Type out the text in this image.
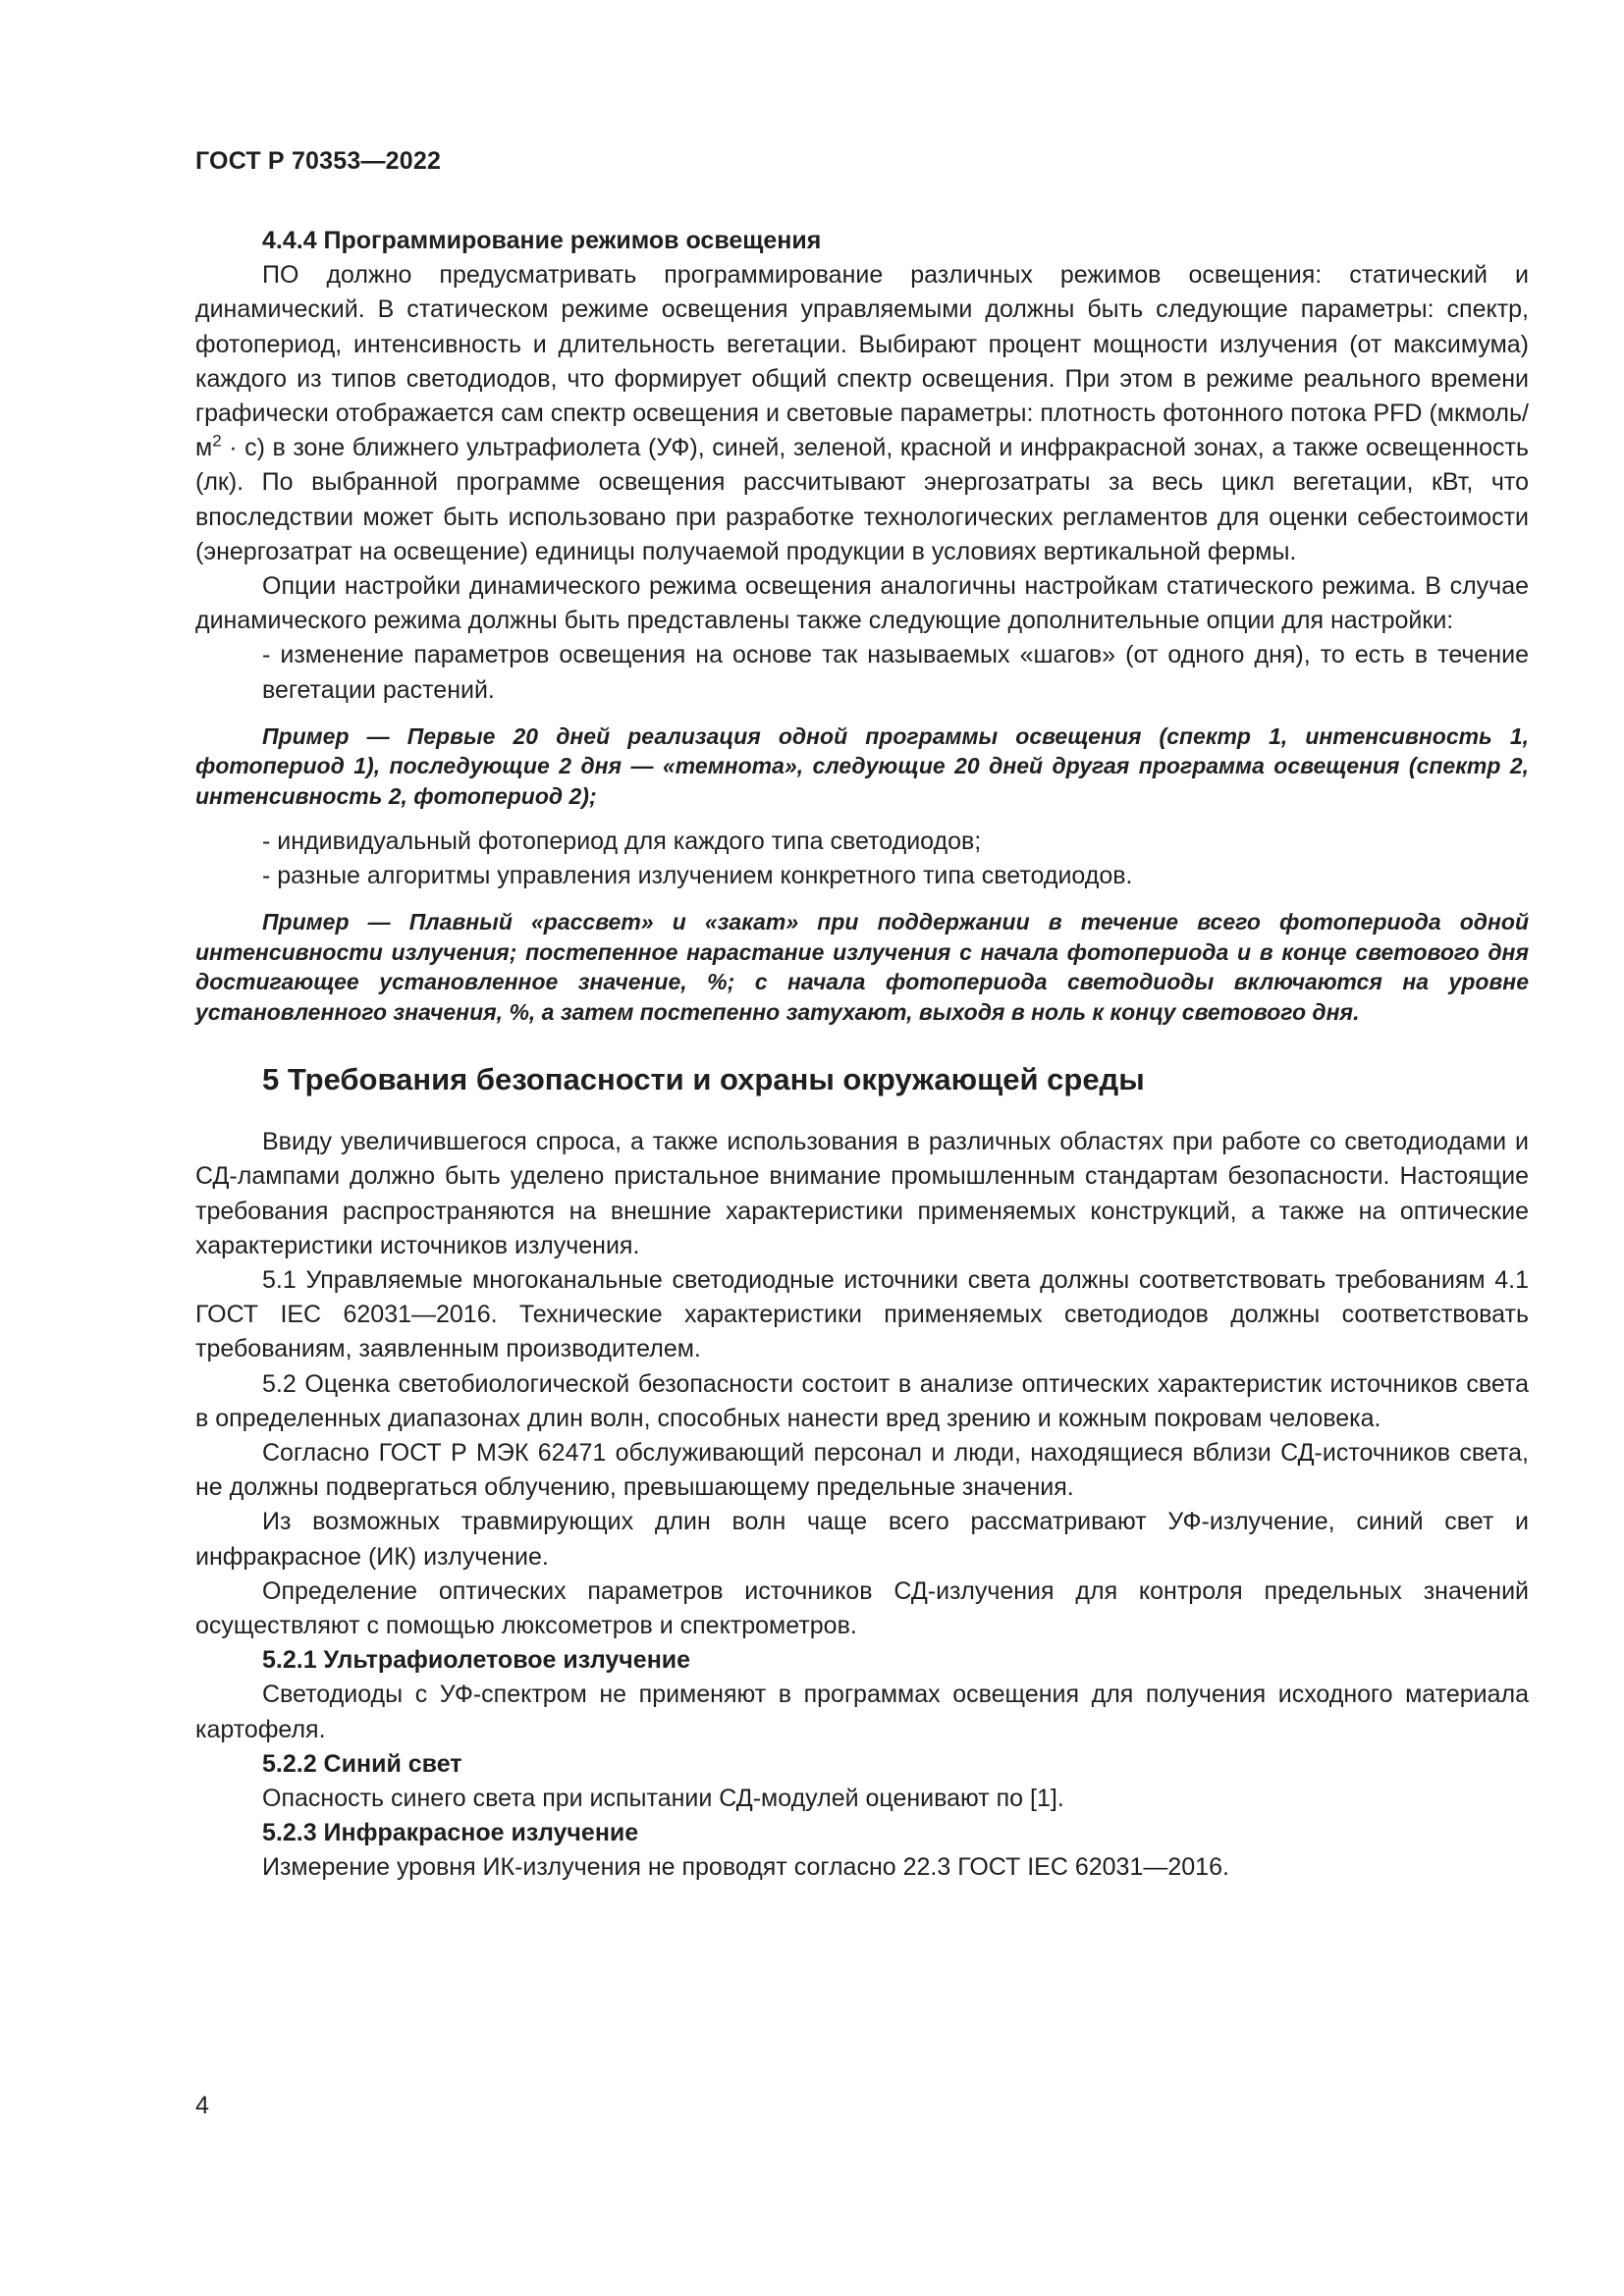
ГОСТ Р 70353—2022

4.4.4 Программирование режимов освещения

ПО должно предусматривать программирование различных режимов освещения: статический и динамический. В статическом режиме освещения управляемыми должны быть следующие параметры: спектр, фотопериод, интенсивность и длительность вегетации. Выбирают процент мощности излучения (от максимума) каждого из типов светодиодов, что формирует общий спектр освещения. При этом в режиме реального времени графически отображается сам спектр освещения и световые параметры: плотность фотонного потока PFD $(мкмоль/м^2 \cdot с)$ в зоне ближнего ультрафиолета (УФ), синей, зеленой, красной и инфракрасной зонах, а также освещенность (лк). По выбранной программе освещения рассчитывают энергозатраты за весь цикл вегетации, кВт, что впоследствии может быть использовано при разработке технологических регламентов для оценки себестоимости (энергозатрат на освещение) единицы получаемой продукции в условиях вертикальной фермы.

Опции настройки динамического режима освещения аналогичны настройкам статического режима. В случае динамического режима должны быть представлены также следующие дополнительные опции для настройки:

- изменение параметров освещения на основе так называемых «шагов» (от одного дня), то есть в течение вегетации растений.

Пример — Первые 20 дней реализация одной программы освещения (спектр 1, интенсивность 1, фотопериод 1), последующие 2 дня — «темнота», следующие 20 дней другая программа освещения (спектр 2, интенсивность 2, фотопериод 2);

- индивидуальный фотопериод для каждого типа светодиодов;

- разные алгоритмы управления излучением конкретного типа светодиодов.

Пример — Плавный «рассвет» и «закат» при поддержании в течение всего фотопериода одной интенсивности излучения; постепенное нарастание излучения с начала фотопериода и в конце светового дня достигающее установленное значение, %; с начала фотопериода светодиоды включаются на уровне установленного значения, %, а затем постепенно затухают, выходя в ноль к концу светового дня.

5 Требования безопасности и охраны окружающей среды

Ввиду увеличившегося спроса, а также использования в различных областях при работе со светодиодами и СД-лампами должно быть уделено пристальное внимание промышленным стандартам безопасности. Настоящие требования распространяются на внешние характеристики применяемых конструкций, а также на оптические характеристики источников излучения.

5.1 Управляемые многоканальные светодиодные источники света должны соответствовать требованиям 4.1 ГОСТ IEC 62031—2016. Технические характеристики применяемых светодиодов должны соответствовать требованиям, заявленным производителем.

5.2 Оценка светобиологической безопасности состоит в анализе оптических характеристик источников света в определенных диапазонах длин волн, способных нанести вред зрению и кожным покровам человека.

Согласно ГОСТ Р МЭК 62471 обслуживающий персонал и люди, находящиеся вблизи СД-источников света, не должны подвергаться облучению, превышающему предельные значения.

Из возможных травмирующих длин волн чаще всего рассматривают УФ-излучение, синий свет и инфракрасное (ИК) излучение.

Определение оптических параметров источников СД-излучения для контроля предельных значений осуществляют с помощью люксометров и спектрометров.

5.2.1 Ультрафиолетовое излучение

Светодиоды с УФ-спектром не применяют в программах освещения для получения исходного материала картофеля.

5.2.2 Синий свет

Опасность синего света при испытании СД-модулей оценивают по [1].

5.2.3 Инфракрасное излучение

Измерение уровня ИК-излучения не проводят согласно 22.3 ГОСТ IEC 62031—2016.

4
